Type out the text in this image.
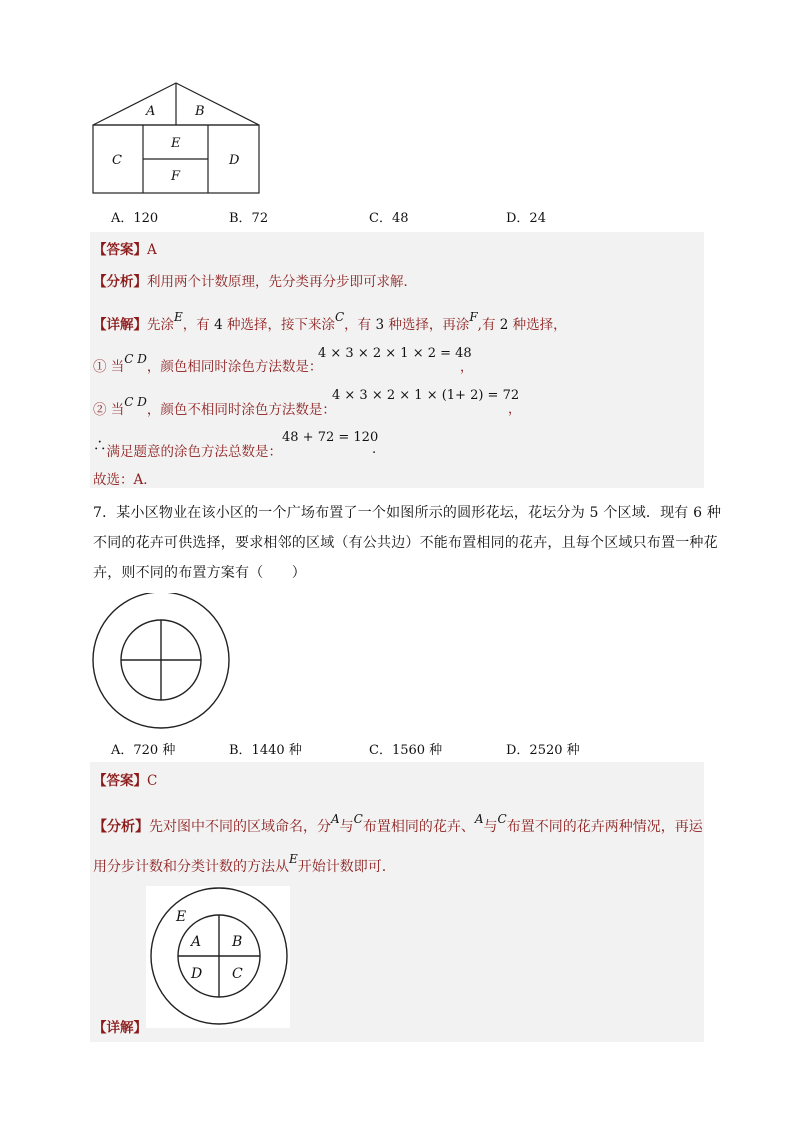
A	B
C	D
E
F
A．120	B．72	C．48	D．24
【答案】A
【分析】利用两个计数原理，先分类再分步即可求解．
【详解】先涂E，有 4 种选择，接下来涂C，有 3 种选择，再涂F,有 2 种选择，
① 当C D，颜色相同时涂色方法数是：
4 × 3 × 2 × 1 × 2 = 48
，
② 当C D，颜色不相同时涂色方法数是：
4 × 3 × 2 × 1 × (1+ 2) = 72
，
∴满足题意的涂色方法总数是：
48 + 72 = 120
.
故选：A．
7．某小区物业在该小区的一个广场布置了一个如图所示的圆形花坛，花坛分为 5 个区域．现有 6 种
不同的花卉可供选择，要求相邻的区域（有公共边）不能布置相同的花卉，且每个区域只布置一种花
卉，则不同的布置方案有（　　）
A．720 种	B．1440 种	C．1560 种	D．2520 种
【答案】C
【分析】先对图中不同的区域命名，分A与C布置相同的花卉、A与C布置不同的花卉两种情况，再运
用分步计数和分类计数的方法从E开始计数即可.
E
A B
D C
【详解】
